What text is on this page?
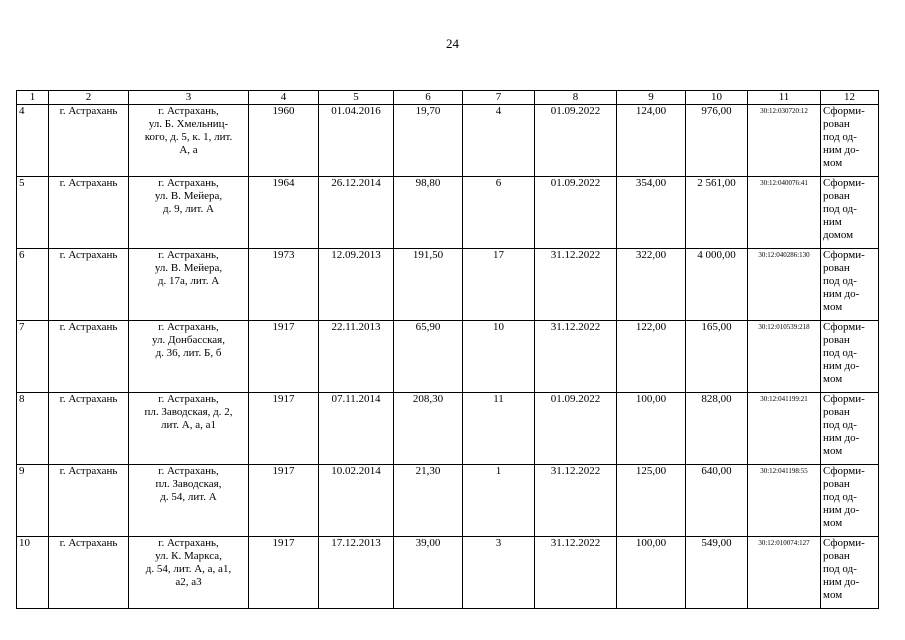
24
1	2	3	4	5	6	7	8	9	10	11	12
4	г. Астрахань	г. Астрахань,
ул. Б. Хмельниц-
кого, д. 5, к. 1, лит.
А, а	1960	01.04.2016	19,70	4	01.09.2022	124,00	976,00	30:12:030720:12	Сформи-
рован
под од-
ним до-
мом

5	г. Астрахань	г. Астрахань,
ул. В. Мейера,
д. 9, лит. А	1964	26.12.2014	98,80	6	01.09.2022	354,00	2 561,00	30:12:040076:41	Сформи-
рован
под од-
ним
домом

6	г. Астрахань	г. Астрахань,
ул. В. Мейера,
д. 17а, лит. А	1973	12.09.2013	191,50	17	31.12.2022	322,00	4 000,00	30:12:040286:130	Сформи-
рован
под од-
ним до-
мом

7	г. Астрахань	г. Астрахань,
ул. Донбасская,
д. 36, лит. Б, б	1917	22.11.2013	65,90	10	31.12.2022	122,00	165,00	30:12:010539:218	Сформи-
рован
под од-
ним до-
мом

8	г. Астрахань	г. Астрахань,
пл. Заводская, д. 2,
лит. А, а, а1	1917	07.11.2014	208,30	11	01.09.2022	100,00	828,00	30:12:041199:21	Сформи-
рован
под од-
ним до-
мом

9	г. Астрахань	г. Астрахань,
пл. Заводская,
д. 54, лит. А	1917	10.02.2014	21,30	1	31.12.2022	125,00	640,00	30:12:041198:55	Сформи-
рован
под од-
ним до-
мом

10	г. Астрахань	г. Астрахань,
ул. К. Маркса,
д. 54, лит. А, а, а1,
а2, а3	1917	17.12.2013	39,00	3	31.12.2022	100,00	549,00	30:12:010074:127	Сформи-
рован
под од-
ним до-
мом
